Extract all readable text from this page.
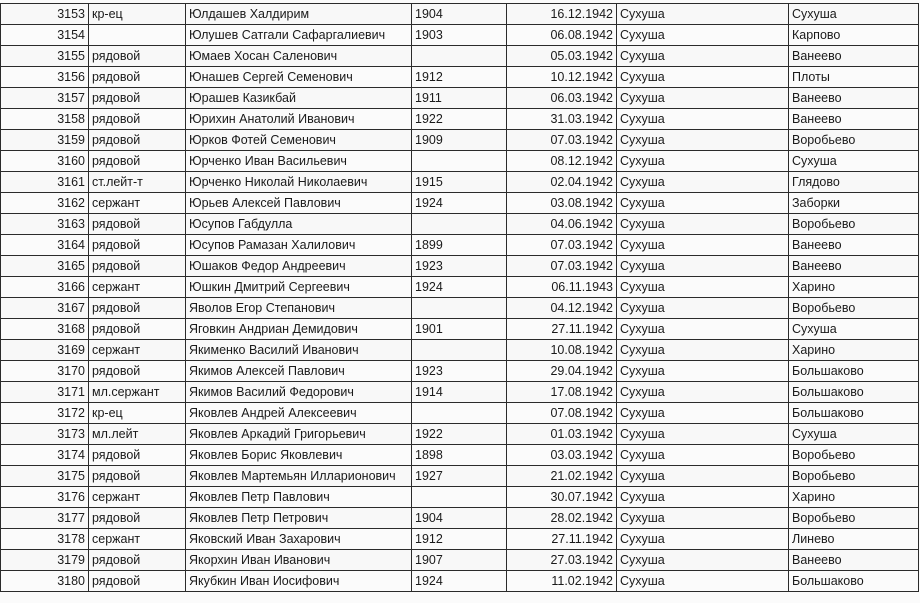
3153	кр-ец	Юлдашев Халдирим	1904	16.12.1942	Сухуша	Сухуша
3154		Юлушев Сатгали Сафаргалиевич	1903	06.08.1942	Сухуша	Карпово
3155	рядовой	Юмаев Хосан Саленович		05.03.1942	Сухуша	Ванеево
3156	рядовой	Юнашев Сергей Семенович	1912	10.12.1942	Сухуша	Плоты
3157	рядовой	Юрашев Казикбай	1911	06.03.1942	Сухуша	Ванеево
3158	рядовой	Юрихин Анатолий Иванович	1922	31.03.1942	Сухуша	Ванеево
3159	рядовой	Юрков Фотей Семенович	1909	07.03.1942	Сухуша	Воробьево
3160	рядовой	Юрченко Иван Васильевич		08.12.1942	Сухуша	Сухуша
3161	ст.лейт-т	Юрченко Николай Николаевич	1915	02.04.1942	Сухуша	Глядово
3162	сержант	Юрьев Алексей Павлович	1924	03.08.1942	Сухуша	Заборки
3163	рядовой	Юсупов Габдулла		04.06.1942	Сухуша	Воробьево
3164	рядовой	Юсупов Рамазан Халилович	1899	07.03.1942	Сухуша	Ванеево
3165	рядовой	Юшаков Федор Андреевич	1923	07.03.1942	Сухуша	Ванеево
3166	сержант	Юшкин Дмитрий Сергеевич	1924	06.11.1943	Сухуша	Харино
3167	рядовой	Яволов Егор Степанович		04.12.1942	Сухуша	Воробьево
3168	рядовой	Яговкин Андриан Демидович	1901	27.11.1942	Сухуша	Сухуша
3169	сержант	Якименко Василий Иванович		10.08.1942	Сухуша	Харино
3170	рядовой	Якимов Алексей Павлович	1923	29.04.1942	Сухуша	Большаково
3171	мл.сержант	Якимов Василий Федорович	1914	17.08.1942	Сухуша	Большаково
3172	кр-ец	Яковлев Андрей Алексеевич		07.08.1942	Сухуша	Большаково
3173	мл.лейт	Яковлев Аркадий Григорьевич	1922	01.03.1942	Сухуша	Сухуша
3174	рядовой	Яковлев Борис Яковлевич	1898	03.03.1942	Сухуша	Воробьево
3175	рядовой	Яковлев Мартемьян Илларионович	1927	21.02.1942	Сухуша	Воробьево
3176	сержант	Яковлев Петр Павлович		30.07.1942	Сухуша	Харино
3177	рядовой	Яковлев Петр Петрович	1904	28.02.1942	Сухуша	Воробьево
3178	сержант	Яковский Иван Захарович	1912	27.11.1942	Сухуша	Линево
3179	рядовой	Якорхин Иван Иванович	1907	27.03.1942	Сухуша	Ванеево
3180	рядовой	Якубкин Иван Иосифович	1924	11.02.1942	Сухуша	Большаково
